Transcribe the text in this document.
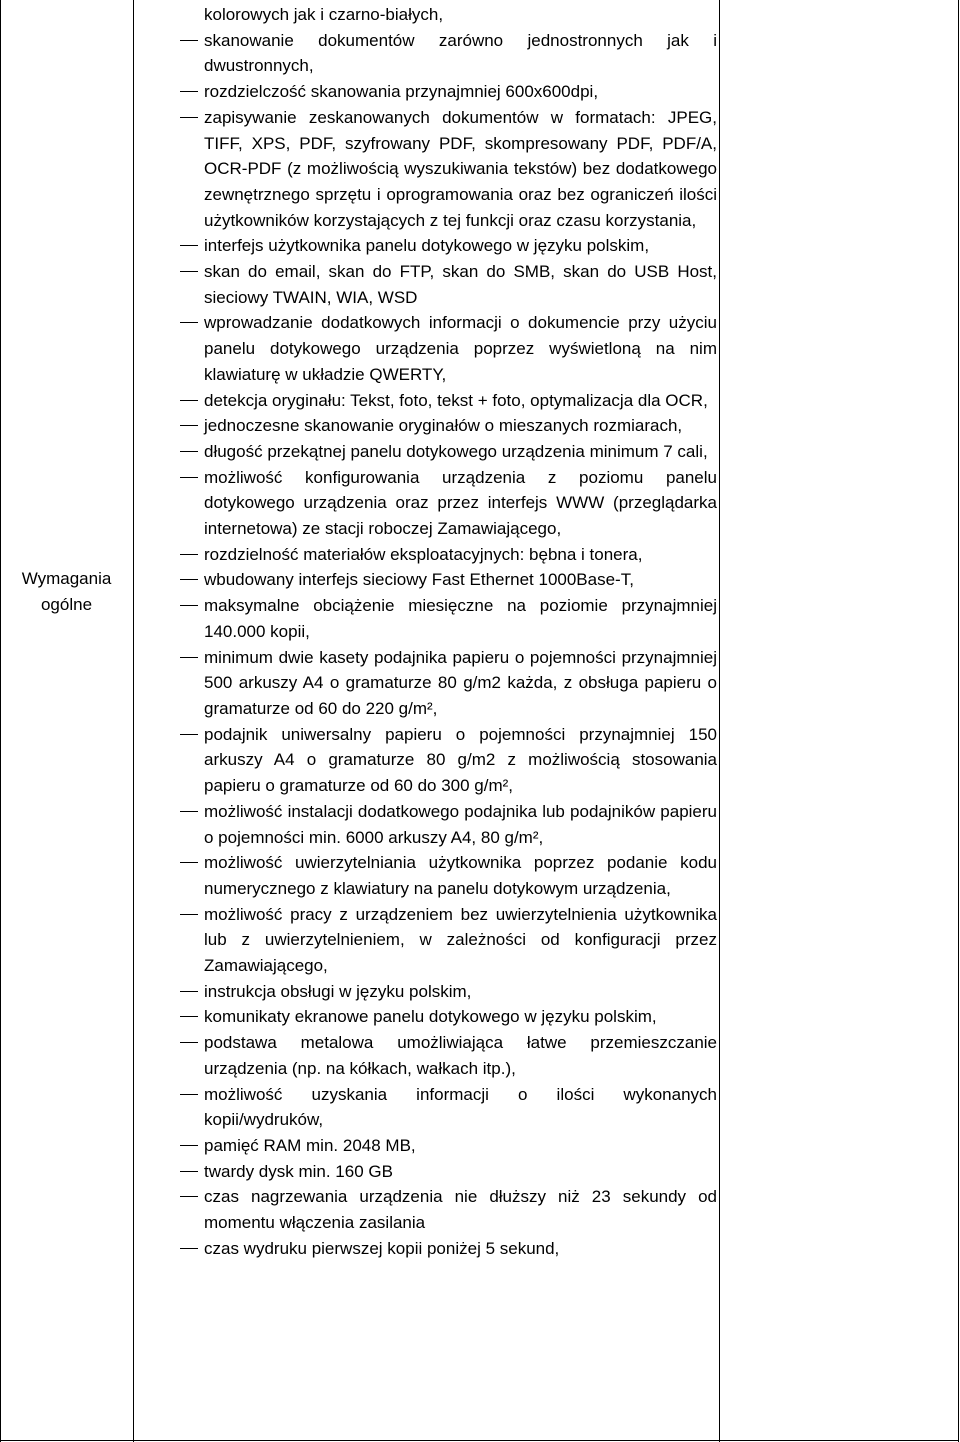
Wymagania ogólne
kolorowych jak i czarno-białych,
skanowanie dokumentów zarówno jednostronnych jak i dwustronnych,
rozdzielczość skanowania przynajmniej 600x600dpi,
zapisywanie zeskanowanych dokumentów w formatach: JPEG, TIFF, XPS, PDF, szyfrowany PDF, skompresowany PDF, PDF/A, OCR-PDF (z możliwością wyszukiwania tekstów) bez dodatkowego zewnętrznego sprzętu i oprogramowania oraz bez ograniczeń ilości użytkowników korzystających z tej funkcji oraz czasu korzystania,
interfejs użytkownika panelu dotykowego w języku polskim,
skan do email, skan do FTP, skan do SMB, skan do USB Host, sieciowy TWAIN, WIA, WSD
wprowadzanie dodatkowych informacji o dokumencie przy użyciu panelu dotykowego urządzenia poprzez wyświetloną na nim klawiaturę w układzie QWERTY,
detekcja oryginału: Tekst, foto, tekst + foto, optymalizacja dla OCR,
jednoczesne skanowanie oryginałów o mieszanych rozmiarach,
długość przekątnej panelu dotykowego urządzenia minimum 7 cali,
możliwość konfigurowania urządzenia z poziomu panelu dotykowego urządzenia oraz przez interfejs WWW (przeglądarka internetowa) ze stacji roboczej Zamawiającego,
rozdzielność materiałów eksploatacyjnych: bębna i tonera,
wbudowany interfejs sieciowy Fast Ethernet 1000Base-T,
maksymalne obciążenie miesięczne na poziomie przynajmniej 140.000 kopii,
minimum dwie kasety podajnika papieru o pojemności przynajmniej 500 arkuszy A4 o gramaturze 80 g/m2 każda, z obsługa papieru o gramaturze od 60 do 220 g/m²,
podajnik uniwersalny papieru o pojemności przynajmniej 150 arkuszy A4 o gramaturze 80 g/m2 z możliwością stosowania papieru o gramaturze od 60 do 300 g/m²,
możliwość instalacji dodatkowego podajnika lub podajników papieru o pojemności min. 6000 arkuszy A4, 80 g/m²,
możliwość uwierzytelniania użytkownika poprzez podanie kodu numerycznego z klawiatury na panelu dotykowym urządzenia,
możliwość pracy z urządzeniem bez uwierzytelnienia użytkownika lub z uwierzytelnieniem, w zależności od konfiguracji przez Zamawiającego,
instrukcja obsługi w języku polskim,
komunikaty ekranowe panelu dotykowego w języku polskim,
podstawa metalowa umożliwiająca łatwe przemieszczanie urządzenia (np. na kółkach, wałkach itp.),
możliwość uzyskania informacji o ilości wykonanych kopii/wydruków,
pamięć RAM min. 2048 MB,
twardy dysk min. 160 GB
czas nagrzewania urządzenia nie dłuższy niż 23 sekundy od momentu włączenia zasilania
czas wydruku pierwszej kopii poniżej 5 sekund,
